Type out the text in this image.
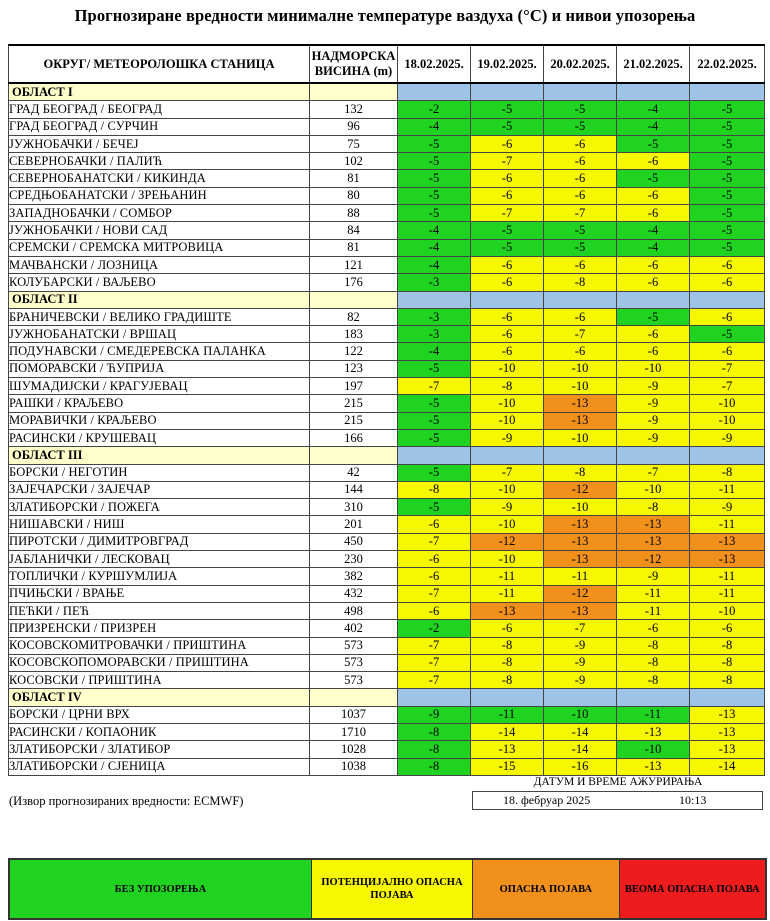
Прогнозиране вредности минималне температуре ваздуха (°C) и нивои упозорења
ОКРУГ/ МЕТЕОРОЛОШКА СТАНИЦА	НАДМОРСКА
ВИСИНА (m)	18.02.2025.	19.02.2025.	20.02.2025.	21.02.2025.	22.02.2025.
ОБЛАСТ I						
ГРАД БЕОГРАД / БЕОГРАД	132	-2	-5	-5	-4	-5
ГРАД БЕОГРАД / СУРЧИН	96	-4	-5	-5	-4	-5
ЈУЖНОБАЧКИ / БЕЧЕЈ	75	-5	-6	-6	-5	-5
СЕВЕРНОБАЧКИ / ПАЛИЋ	102	-5	-7	-6	-6	-5
СЕВЕРНОБАНАТСКИ / КИКИНДА	81	-5	-6	-6	-5	-5
СРЕДЊОБАНАТСКИ / ЗРЕЊАНИН	80	-5	-6	-6	-6	-5
ЗАПАДНОБАЧКИ / СОМБОР	88	-5	-7	-7	-6	-5
ЈУЖНОБАЧКИ / НОВИ САД	84	-4	-5	-5	-4	-5
СРЕМСКИ / СРЕМСКА МИТРОВИЦА	81	-4	-5	-5	-4	-5
МАЧВАНСКИ / ЛОЗНИЦА	121	-4	-6	-6	-6	-6
КОЛУБАРСКИ / ВАЉЕВО	176	-3	-6	-8	-6	-6
ОБЛАСТ II						
БРАНИЧЕВСКИ / ВЕЛИКО ГРАДИШТЕ	82	-3	-6	-6	-5	-6
ЈУЖНОБАНАТСКИ / ВРШАЦ	183	-3	-6	-7	-6	-5
ПОДУНАВСКИ / СМЕДЕРЕВСКА ПАЛАНКА	122	-4	-6	-6	-6	-6
ПОМОРАВСКИ / ЋУПРИЈА	123	-5	-10	-10	-10	-7
ШУМАДИЈСКИ / КРАГУЈЕВАЦ	197	-7	-8	-10	-9	-7
РАШКИ / КРАЉЕВО	215	-5	-10	-13	-9	-10
МОРАВИЧКИ / КРАЉЕВО	215	-5	-10	-13	-9	-10
РАСИНСКИ / КРУШЕВАЦ	166	-5	-9	-10	-9	-9
ОБЛАСТ III						
БОРСКИ / НЕГОТИН	42	-5	-7	-8	-7	-8
ЗАЈЕЧАРСКИ / ЗАЈЕЧАР	144	-8	-10	-12	-10	-11
ЗЛАТИБОРСКИ / ПОЖЕГА	310	-5	-9	-10	-8	-9
НИШАВСКИ / НИШ	201	-6	-10	-13	-13	-11
ПИРОТСКИ / ДИМИТРОВГРАД	450	-7	-12	-13	-13	-13
ЈАБЛАНИЧКИ / ЛЕСКОВАЦ	230	-6	-10	-13	-12	-13
ТОПЛИЧКИ / КУРШУМЛИЈА	382	-6	-11	-11	-9	-11
ПЧИЊСКИ / ВРАЊЕ	432	-7	-11	-12	-11	-11
ПЕЋКИ / ПЕЋ	498	-6	-13	-13	-11	-10
ПРИЗРЕНСКИ / ПРИЗРЕН	402	-2	-6	-7	-6	-6
КОСОВСКОМИТРОВАЧКИ / ПРИШТИНА	573	-7	-8	-9	-8	-8
КОСОВСКОПОМОРАВСКИ / ПРИШТИНА	573	-7	-8	-9	-8	-8
КОСОВСКИ / ПРИШТИНА	573	-7	-8	-9	-8	-8
ОБЛАСТ IV						
БОРСКИ / ЦРНИ ВРХ	1037	-9	-11	-10	-11	-13
РАСИНСКИ / КОПАОНИК	1710	-8	-14	-14	-13	-13
ЗЛАТИБОРСКИ / ЗЛАТИБОР	1028	-8	-13	-14	-10	-13
ЗЛАТИБОРСКИ / СЈЕНИЦА	1038	-8	-15	-16	-13	-14
(Извор прогнозираних вредности: ECMWF)
ДАТУМ И ВРЕМЕ АЖУРИРАЊА
18. фебруар 2025	10:13
БЕЗ УПОЗОРЕЊА
ПОТЕНЦИЈАЛНО ОПАСНА ПОЈАВА
ОПАСНА ПОЈАВА	ВЕОМА ОПАСНА ПОЈАВА
